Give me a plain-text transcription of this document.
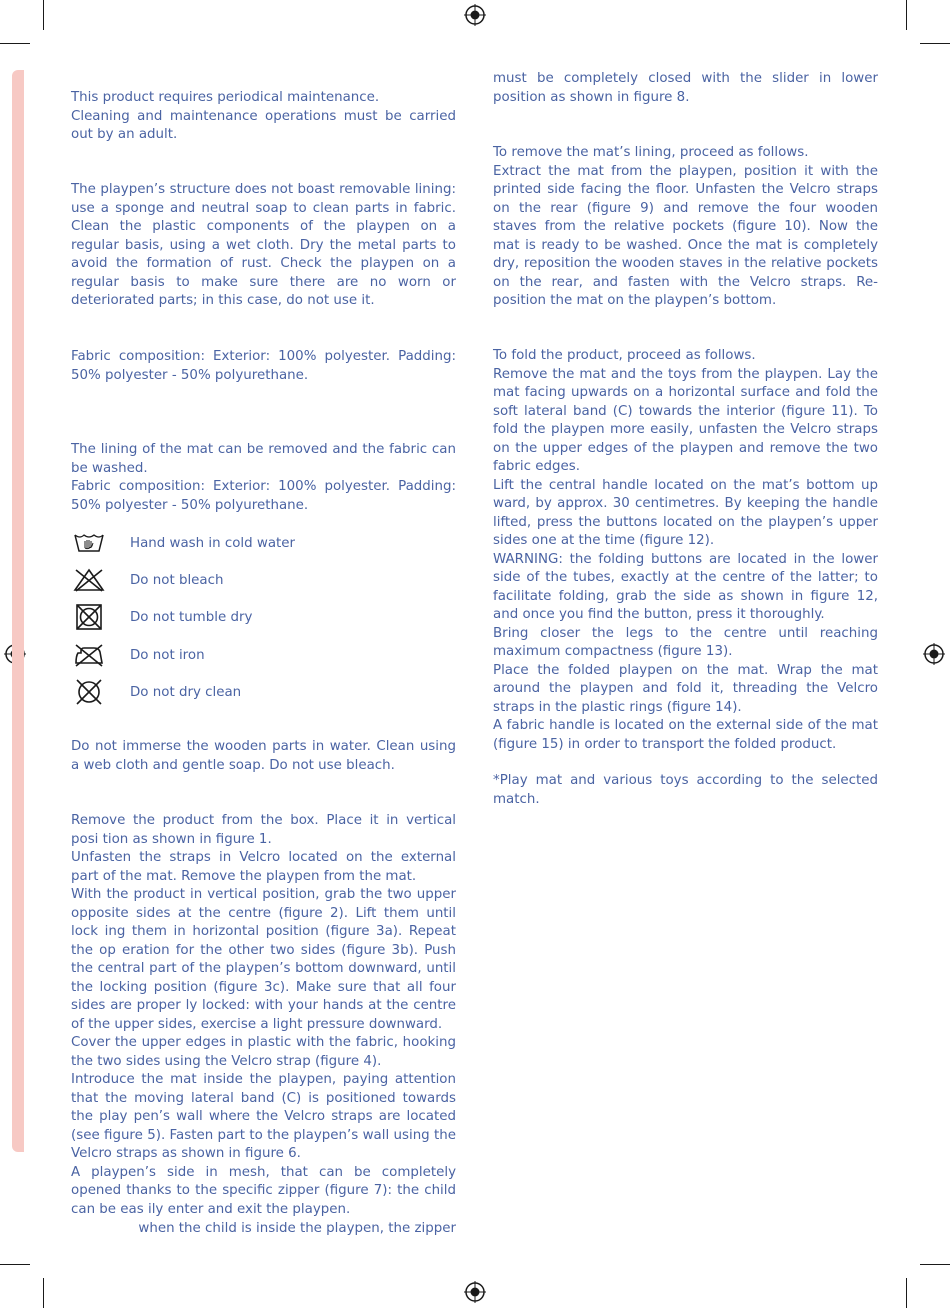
This product requires periodical maintenance.
Cleaning and maintenance operations must be carried out by an adult.

The playpen’s structure does not boast removable lining: use a sponge and neutral soap to clean parts in fabric. Clean the plastic components of the playpen on a regular basis, using a wet cloth. Dry the metal parts to avoid the formation of rust. Check the playpen on a regular basis to make sure there are no worn or deteriorated parts; in this case, do not use it.

Fabric composition: Exterior: 100% polyester. Padding: 50% polyester - 50% polyurethane.

The lining of the mat can be removed and the fabric can be washed.
Fabric composition: Exterior: 100% polyester. Padding: 50% polyester - 50% polyurethane.

Hand wash in cold water
Do not bleach
Do not tumble dry
Do not iron
Do not dry clean

Do not immerse the wooden parts in water. Clean using a web cloth and gentle soap. Do not use bleach.

Remove the product from the box. Place it in vertical posi tion as shown in figure 1.
Unfasten the straps in Velcro located on the external part of the mat. Remove the playpen from the mat.
With the product in vertical position, grab the two upper opposite sides at the centre (figure 2). Lift them until lock ing them in horizontal position (figure 3a). Repeat the op eration for the other two sides (figure 3b). Push the central part of the playpen’s bottom downward, until the locking position (figure 3c). Make sure that all four sides are proper ly locked: with your hands at the centre of the upper sides, exercise a light pressure downward.
Cover the upper edges in plastic with the fabric, hooking the two sides using the Velcro strap (figure 4).
Introduce the mat inside the playpen, paying attention that the moving lateral band (C) is positioned towards the play pen’s wall where the Velcro straps are located (see figure 5). Fasten part to the playpen’s wall using the Velcro straps as shown in figure 6.
A playpen’s side in mesh, that can be completely opened thanks to the specific zipper (figure 7): the child can be eas ily enter and exit the playpen.

when the child is inside the playpen, the zipper

must be completely closed with the slider in lower position as shown in figure 8.

To remove the mat’s lining, proceed as follows.
Extract the mat from the playpen, position it with the printed side facing the floor. Unfasten the Velcro straps on the rear (figure 9) and remove the four wooden staves from the relative pockets (figure 10). Now the mat is ready to be washed. Once the mat is completely dry, reposition the wooden staves in the relative pockets on the rear, and fasten with the Velcro straps. Re-position the mat on the playpen’s bottom.

To fold the product, proceed as follows.
Remove the mat and the toys from the playpen. Lay the mat facing upwards on a horizontal surface and fold the soft lateral band (C) towards the interior (figure 11). To fold the playpen more easily, unfasten the Velcro straps on the upper edges of the playpen and remove the two fabric edges.
Lift the central handle located on the mat’s bottom up ward, by approx. 30 centimetres. By keeping the handle lifted, press the buttons located on the playpen’s upper sides one at the time (figure 12).
WARNING: the folding buttons are located in the lower side of the tubes, exactly at the centre of the latter; to facilitate folding, grab the side as shown in figure 12, and once you find the button, press it thoroughly.
Bring closer the legs to the centre until reaching maximum compactness (figure 13).
Place the folded playpen on the mat. Wrap the mat around the playpen and fold it, threading the Velcro straps in the plastic rings (figure 14).
A fabric handle is located on the external side of the mat (figure 15) in order to transport the folded product.

*Play mat and various toys according to the selected match.
